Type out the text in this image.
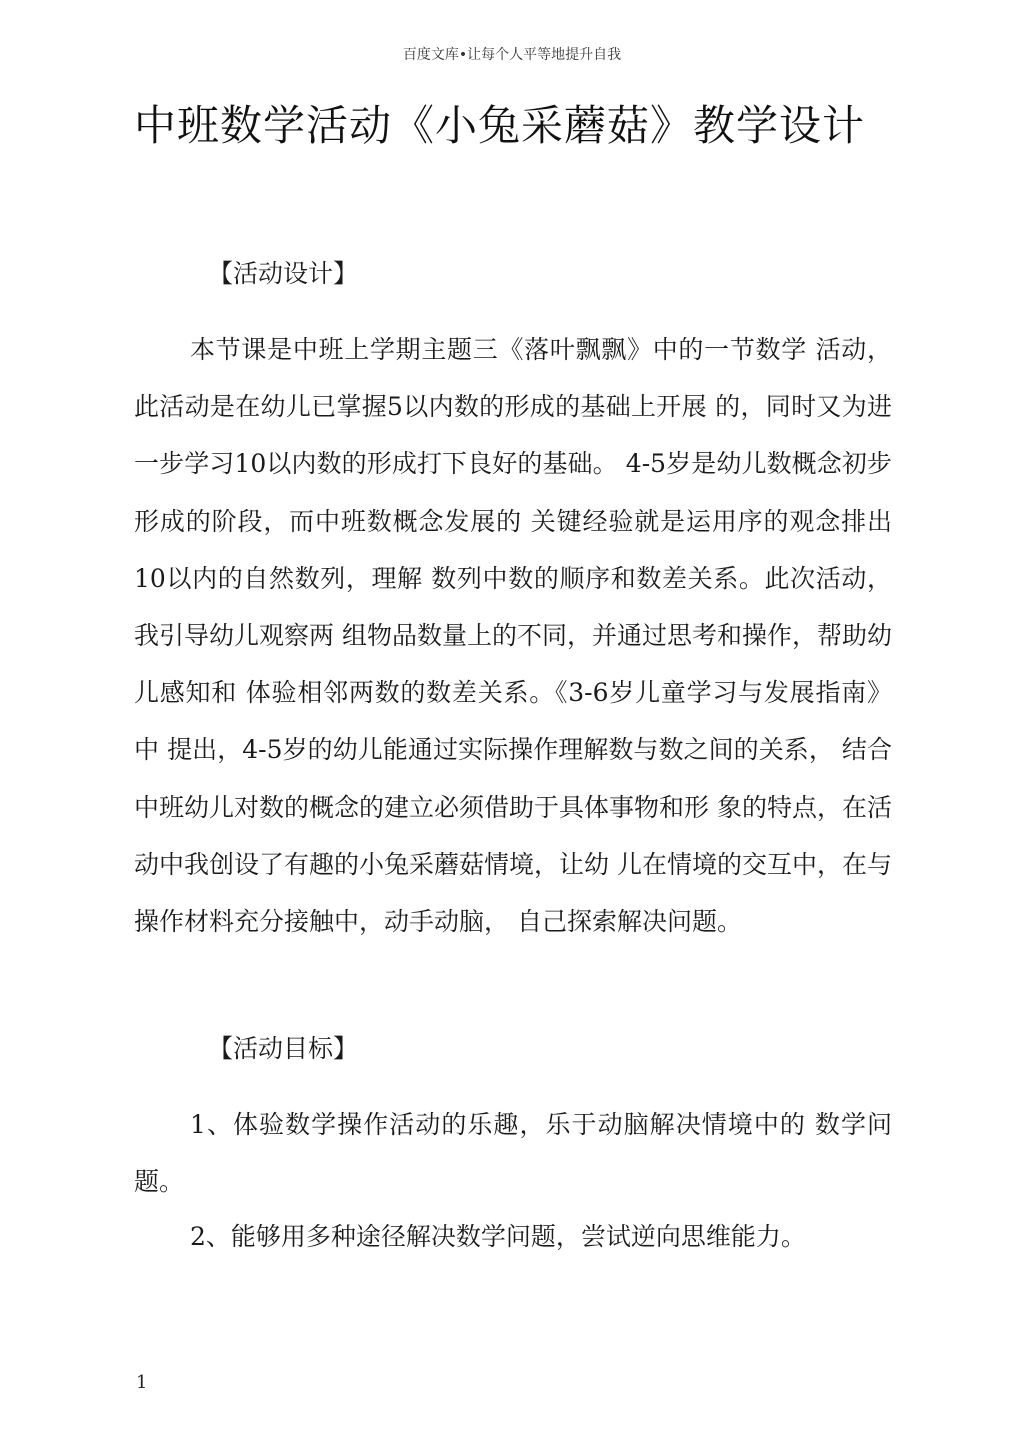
百度文库•让每个人平等地提升自我
中班数学活动《小兔采蘑菇》教学设计
【活动设计】

本节课是中班上学期主题三《落叶飘飘》中的一节数学 活动，此活动是在幼儿已掌握5以内数的形成的基础上开展 的，同时又为进一步学习10以内数的形成打下良好的基础。 4-5岁是幼儿数概念初步形成的阶段，而中班数概念发展的 关键经验就是运用序的观念排出10以内的自然数列，理解 数列中数的顺序和数差关系。此次活动，我引导幼儿观察两 组物品数量上的不同，并通过思考和操作，帮助幼儿感知和 体验相邻两数的数差关系。《3-6岁儿童学习与发展指南》中 提出，4-5岁的幼儿能通过实际操作理解数与数之间的关系， 结合中班幼儿对数的概念的建立必须借助于具体事物和形 象的特点，在活动中我创设了有趣的小兔采蘑菇情境，让幼 儿在情境的交互中，在与操作材料充分接触中，动手动脑， 自己探索解决问题。

【活动目标】

1、体验数学操作活动的乐趣，乐于动脑解决情境中的 数学问题。

2、能够用多种途径解决数学问题，尝试逆向思维能力。

1
